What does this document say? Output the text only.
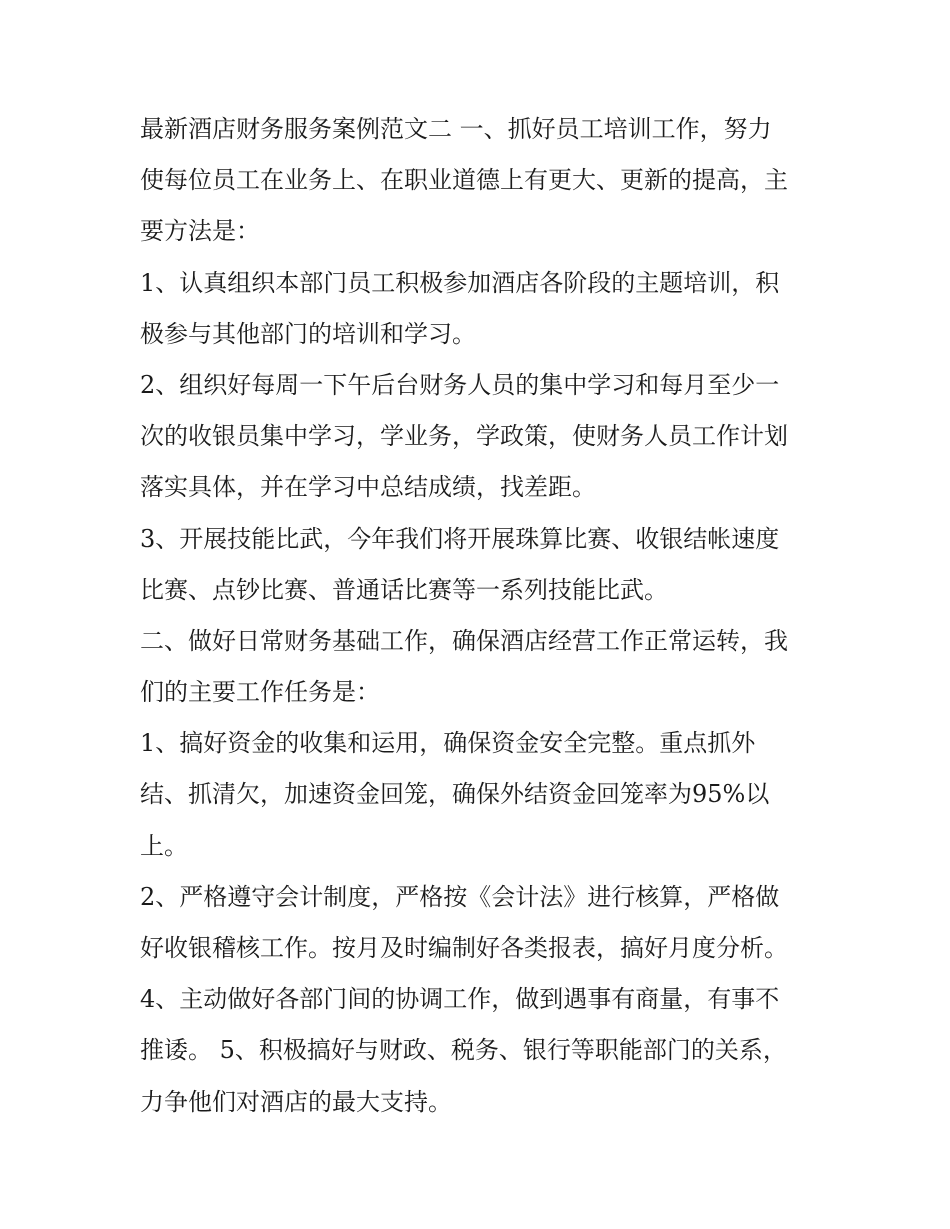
最新酒店财务服务案例范文二 一、抓好员工培训工作，努力
使每位员工在业务上、在职业道德上有更大、更新的提高，主
要方法是：
1、认真组织本部门员工积极参加酒店各阶段的主题培训，积
极参与其他部门的培训和学习。
2、组织好每周一下午后台财务人员的集中学习和每月至少一
次的收银员集中学习，学业务，学政策，使财务人员工作计划
落实具体，并在学习中总结成绩，找差距。
3、开展技能比武，今年我们将开展珠算比赛、收银结帐速度
比赛、点钞比赛、普通话比赛等一系列技能比武。
二、做好日常财务基础工作，确保酒店经营工作正常运转，我
们的主要工作任务是：
1、搞好资金的收集和运用，确保资金安全完整。重点抓外
结、抓清欠，加速资金回笼，确保外结资金回笼率为95%以
上。
2、严格遵守会计制度，严格按《会计法》进行核算，严格做
好收银稽核工作。按月及时编制好各类报表，搞好月度分析。
4、主动做好各部门间的协调工作，做到遇事有商量，有事不
推诿。 5、积极搞好与财政、税务、银行等职能部门的关系，
力争他们对酒店的最大支持。
